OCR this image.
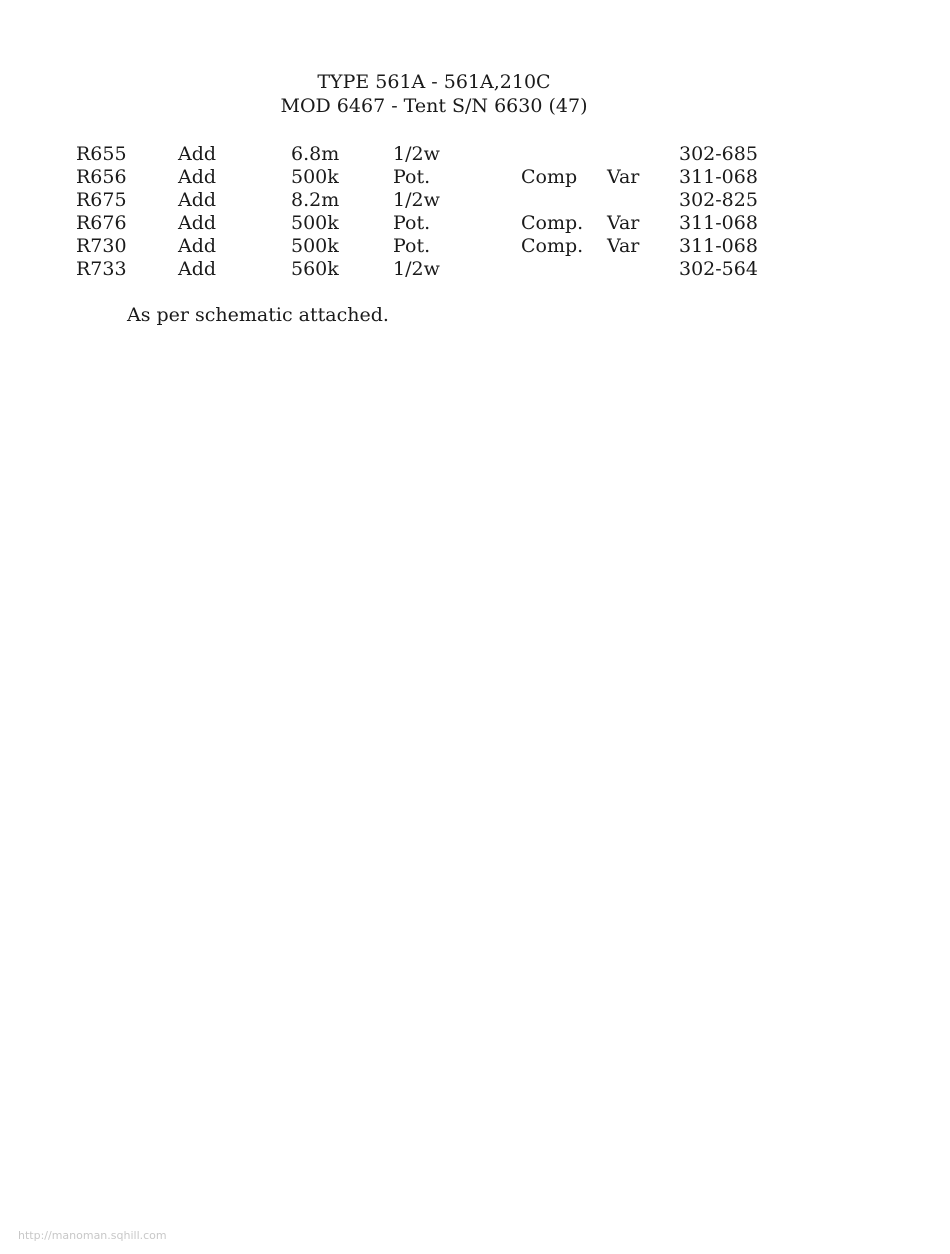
TYPE 561A - 561A,210C
MOD 6467 - Tent S/N 6630 (47)
R655	Add	6.8m	1/2w			302-685
R656	Add	500k	Pot.	Comp	Var	311-068
R675	Add	8.2m	1/2w			302-825
R676	Add	500k	Pot.	Comp.	Var	311-068
R730	Add	500k	Pot.	Comp.	Var	311-068
R733	Add	560k	1/2w			302-564
As per schematic attached.
http://manoman.sqhill.com
